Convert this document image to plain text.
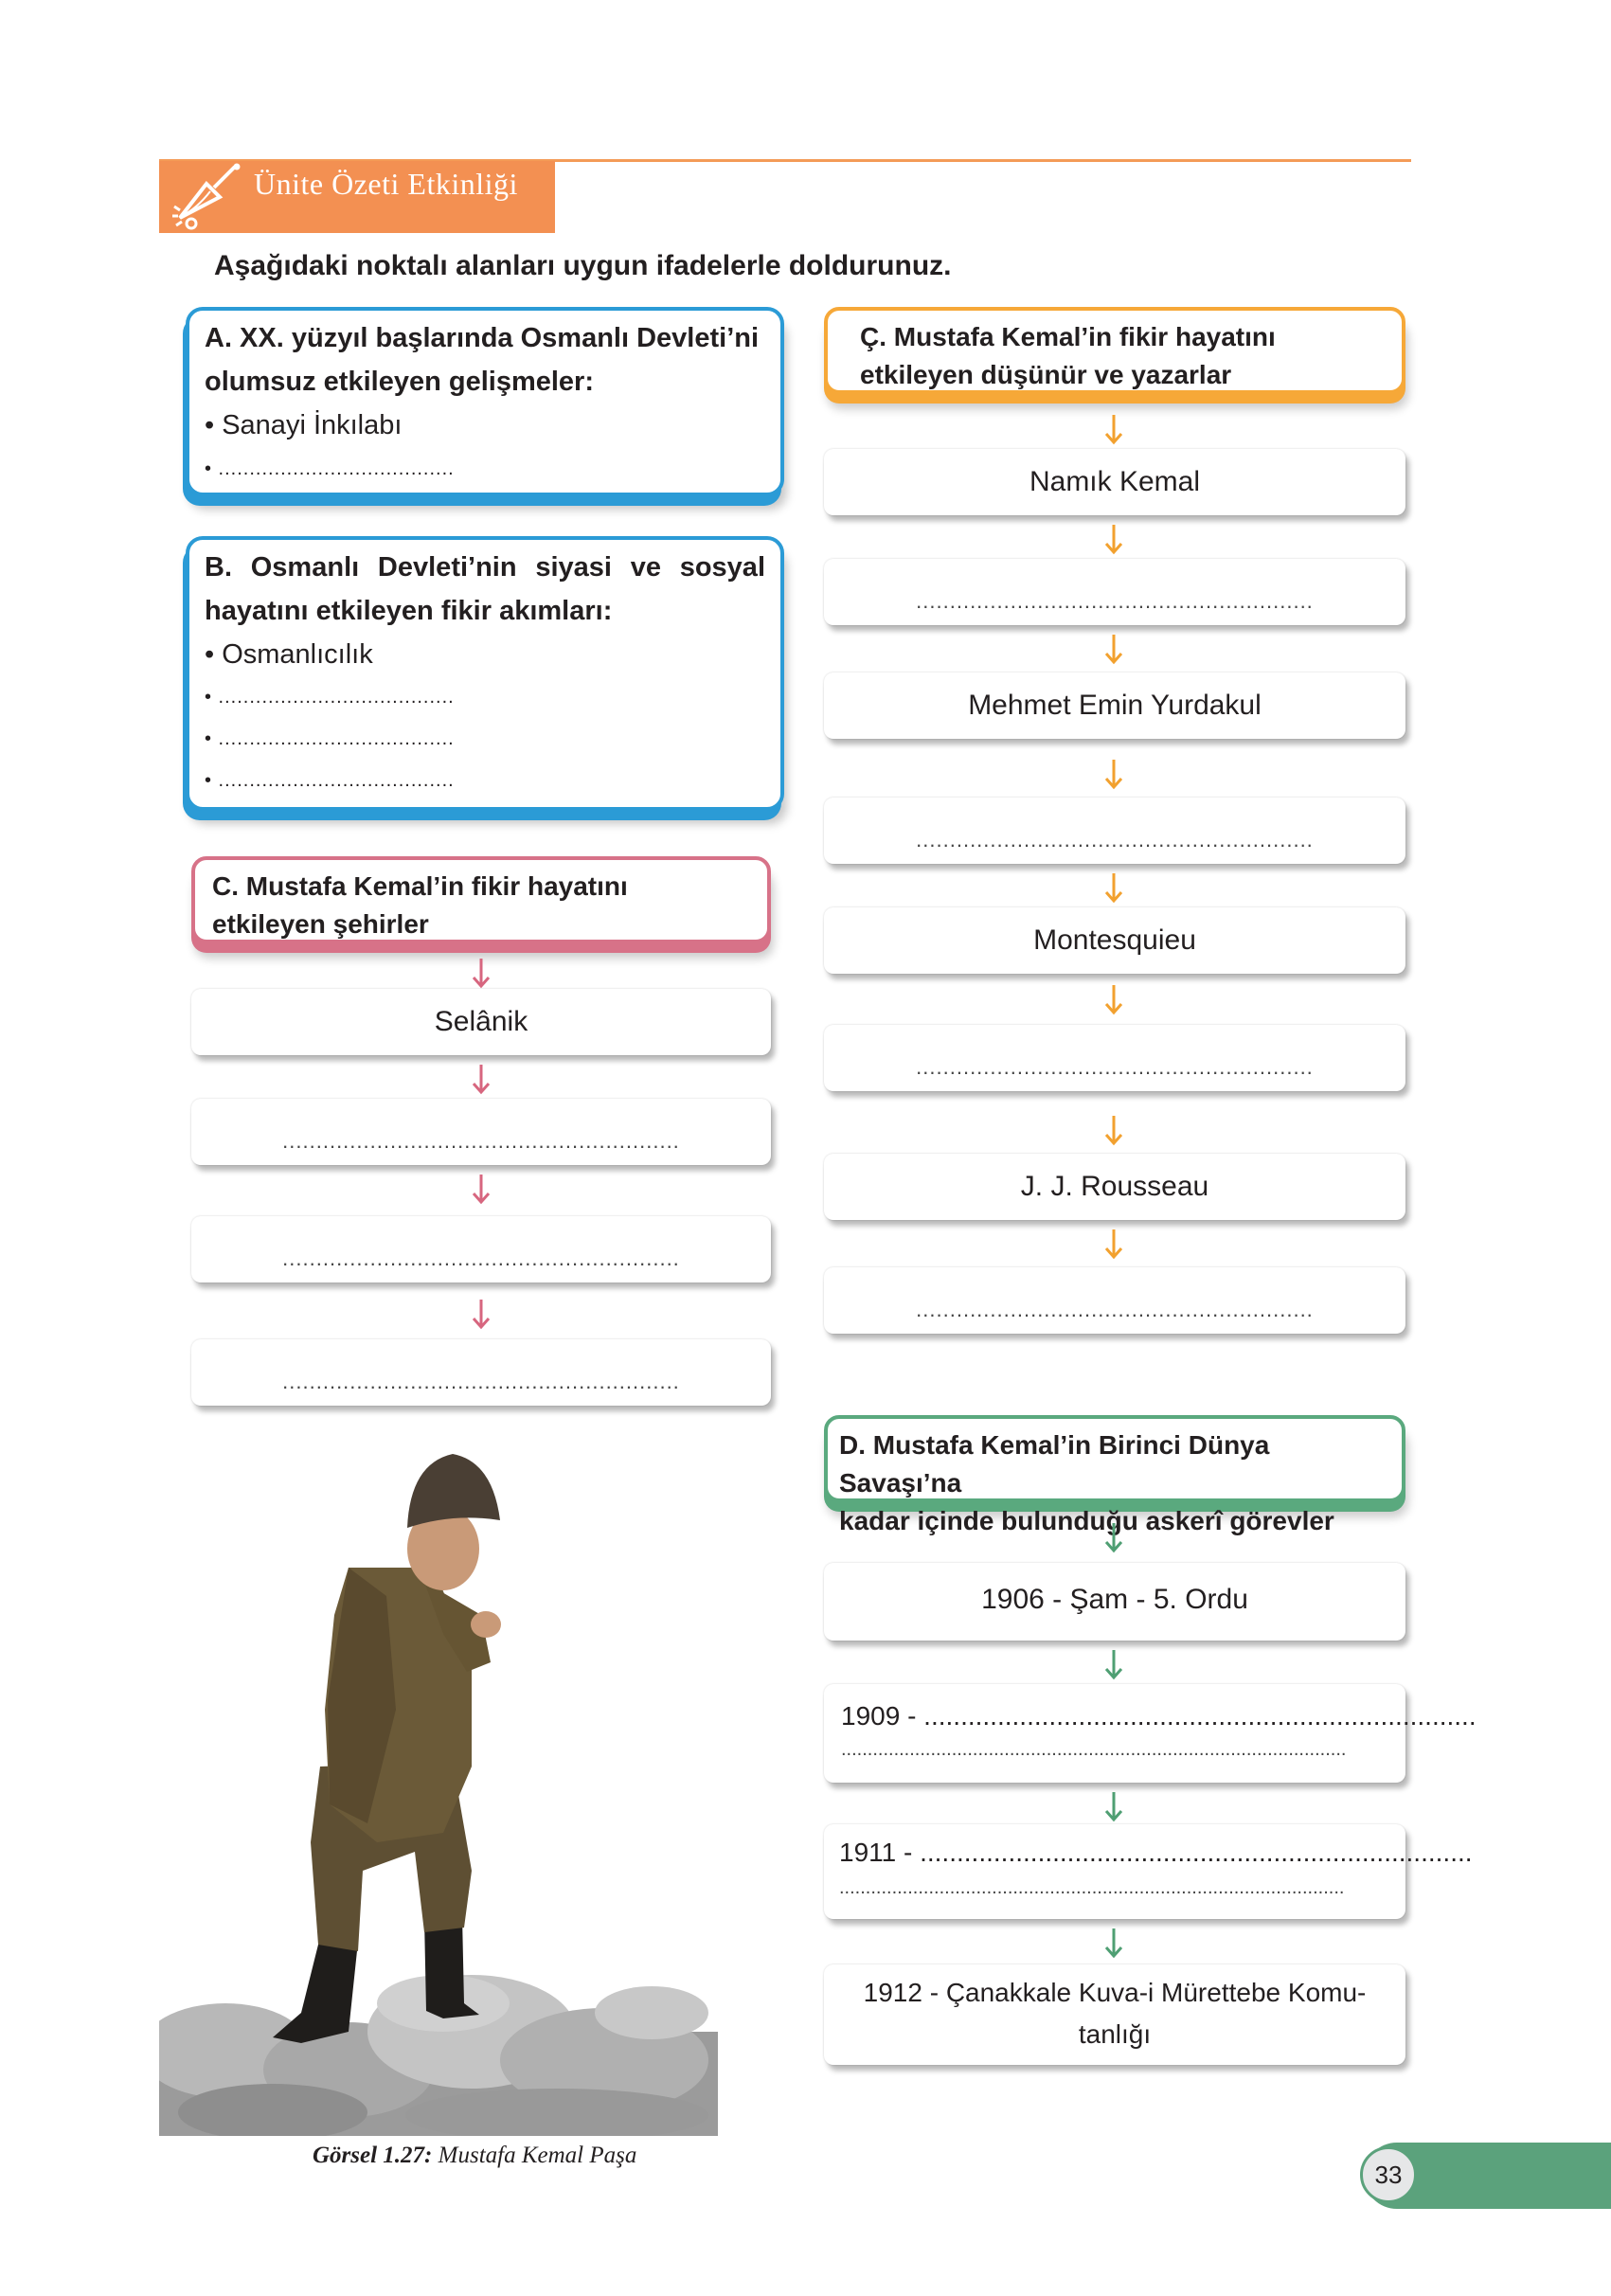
Ünite Özeti Etkinliği
Aşağıdaki noktalı alanları uygun ifadelerle doldurunuz.
A. XX. yüzyıl başlarında Osmanlı Devleti’ni
olumsuz etkileyen gelişmeler:
• Sanayi İnkılabı
• ......................................
B. Osmanlı Devleti’nin siyasi ve sosyal
hayatını etkileyen fikir akımları:
• Osmanlıcılık
• ......................................
• ......................................
• ......................................
C. Mustafa Kemal’in fikir hayatını
etkileyen şehirler
Selânik
...........................................................
...........................................................
...........................................................
Ç. Mustafa Kemal’in fikir hayatını
etkileyen düşünür ve yazarlar
Namık Kemal
...........................................................
Mehmet Emin Yurdakul
...........................................................
Montesquieu
...........................................................
J. J. Rousseau
...........................................................
D. Mustafa Kemal’in Birinci Dünya Savaşı’na
kadar içinde bulunduğu askerî görevler
1906 - Şam - 5. Ordu
1909 - ...........................................................................
................................................................................................
1911 - ...........................................................................
................................................................................................
1912 - Çanakkale Kuva-i Mürettebe Komu-
tanlığı
Görsel 1.27: Mustafa Kemal Paşa
33
